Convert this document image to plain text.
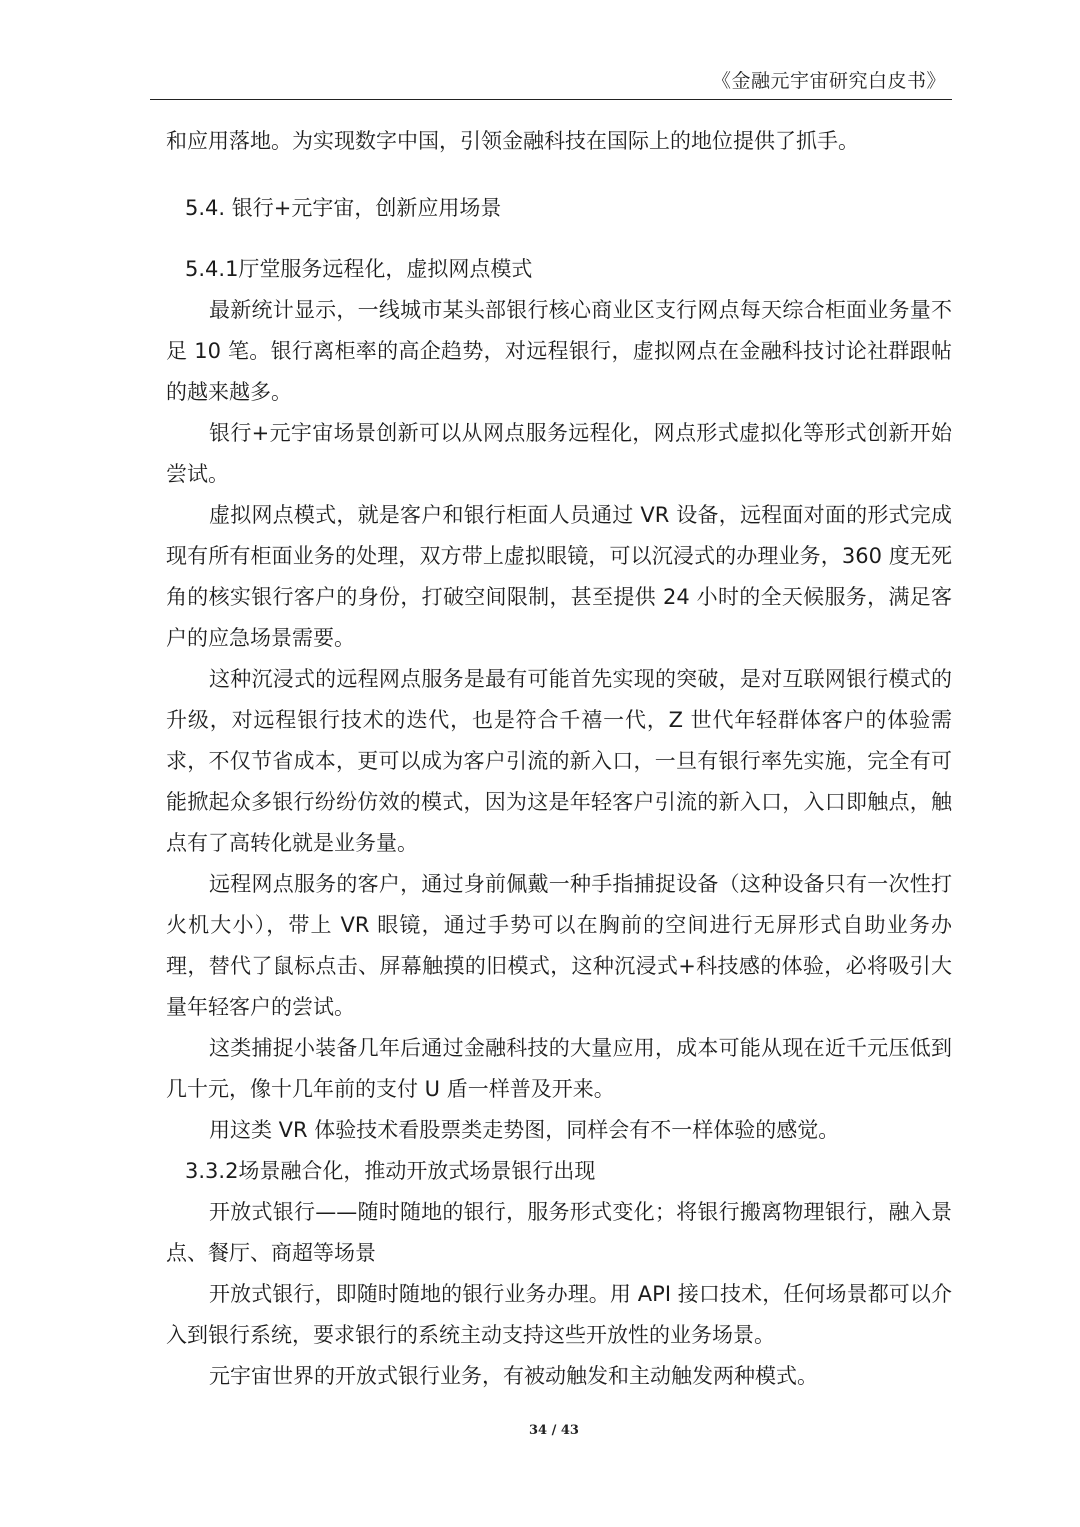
《金融元宇宙研究白皮书》

和应用落地。为实现数字中国，引领金融科技在国际上的地位提供了抓手。

5.4. 银行+元宇宙，创新应用场景

5.4.1厅堂服务远程化，虚拟网点模式

最新统计显示，一线城市某头部银行核心商业区支行网点每天综合柜面业务量不足 10 笔。银行离柜率的高企趋势，对远程银行，虚拟网点在金融科技讨论社群跟帖的越来越多。

银行+元宇宙场景创新可以从网点服务远程化，网点形式虚拟化等形式创新开始尝试。

虚拟网点模式，就是客户和银行柜面人员通过 VR 设备，远程面对面的形式完成现有所有柜面业务的处理，双方带上虚拟眼镜，可以沉浸式的办理业务，360 度无死角的核实银行客户的身份，打破空间限制，甚至提供 24 小时的全天候服务，满足客户的应急场景需要。

这种沉浸式的远程网点服务是最有可能首先实现的突破，是对互联网银行模式的升级，对远程银行技术的迭代，也是符合千禧一代，Z 世代年轻群体客户的体验需求，不仅节省成本，更可以成为客户引流的新入口，一旦有银行率先实施，完全有可能掀起众多银行纷纷仿效的模式，因为这是年轻客户引流的新入口，入口即触点，触点有了高转化就是业务量。

远程网点服务的客户，通过身前佩戴一种手指捕捉设备（这种设备只有一次性打火机大小），带上 VR 眼镜，通过手势可以在胸前的空间进行无屏形式自助业务办理，替代了鼠标点击、屏幕触摸的旧模式，这种沉浸式+科技感的体验，必将吸引大量年轻客户的尝试。

这类捕捉小装备几年后通过金融科技的大量应用，成本可能从现在近千元压低到几十元，像十几年前的支付 U 盾一样普及开来。

用这类 VR 体验技术看股票类走势图，同样会有不一样体验的感觉。

3.3.2场景融合化，推动开放式场景银行出现

开放式银行——随时随地的银行，服务形式变化；将银行搬离物理银行，融入景点、餐厅、商超等场景

开放式银行，即随时随地的银行业务办理。用 API 接口技术，任何场景都可以介入到银行系统，要求银行的系统主动支持这些开放性的业务场景。

元宇宙世界的开放式银行业务，有被动触发和主动触发两种模式。

34 / 43
